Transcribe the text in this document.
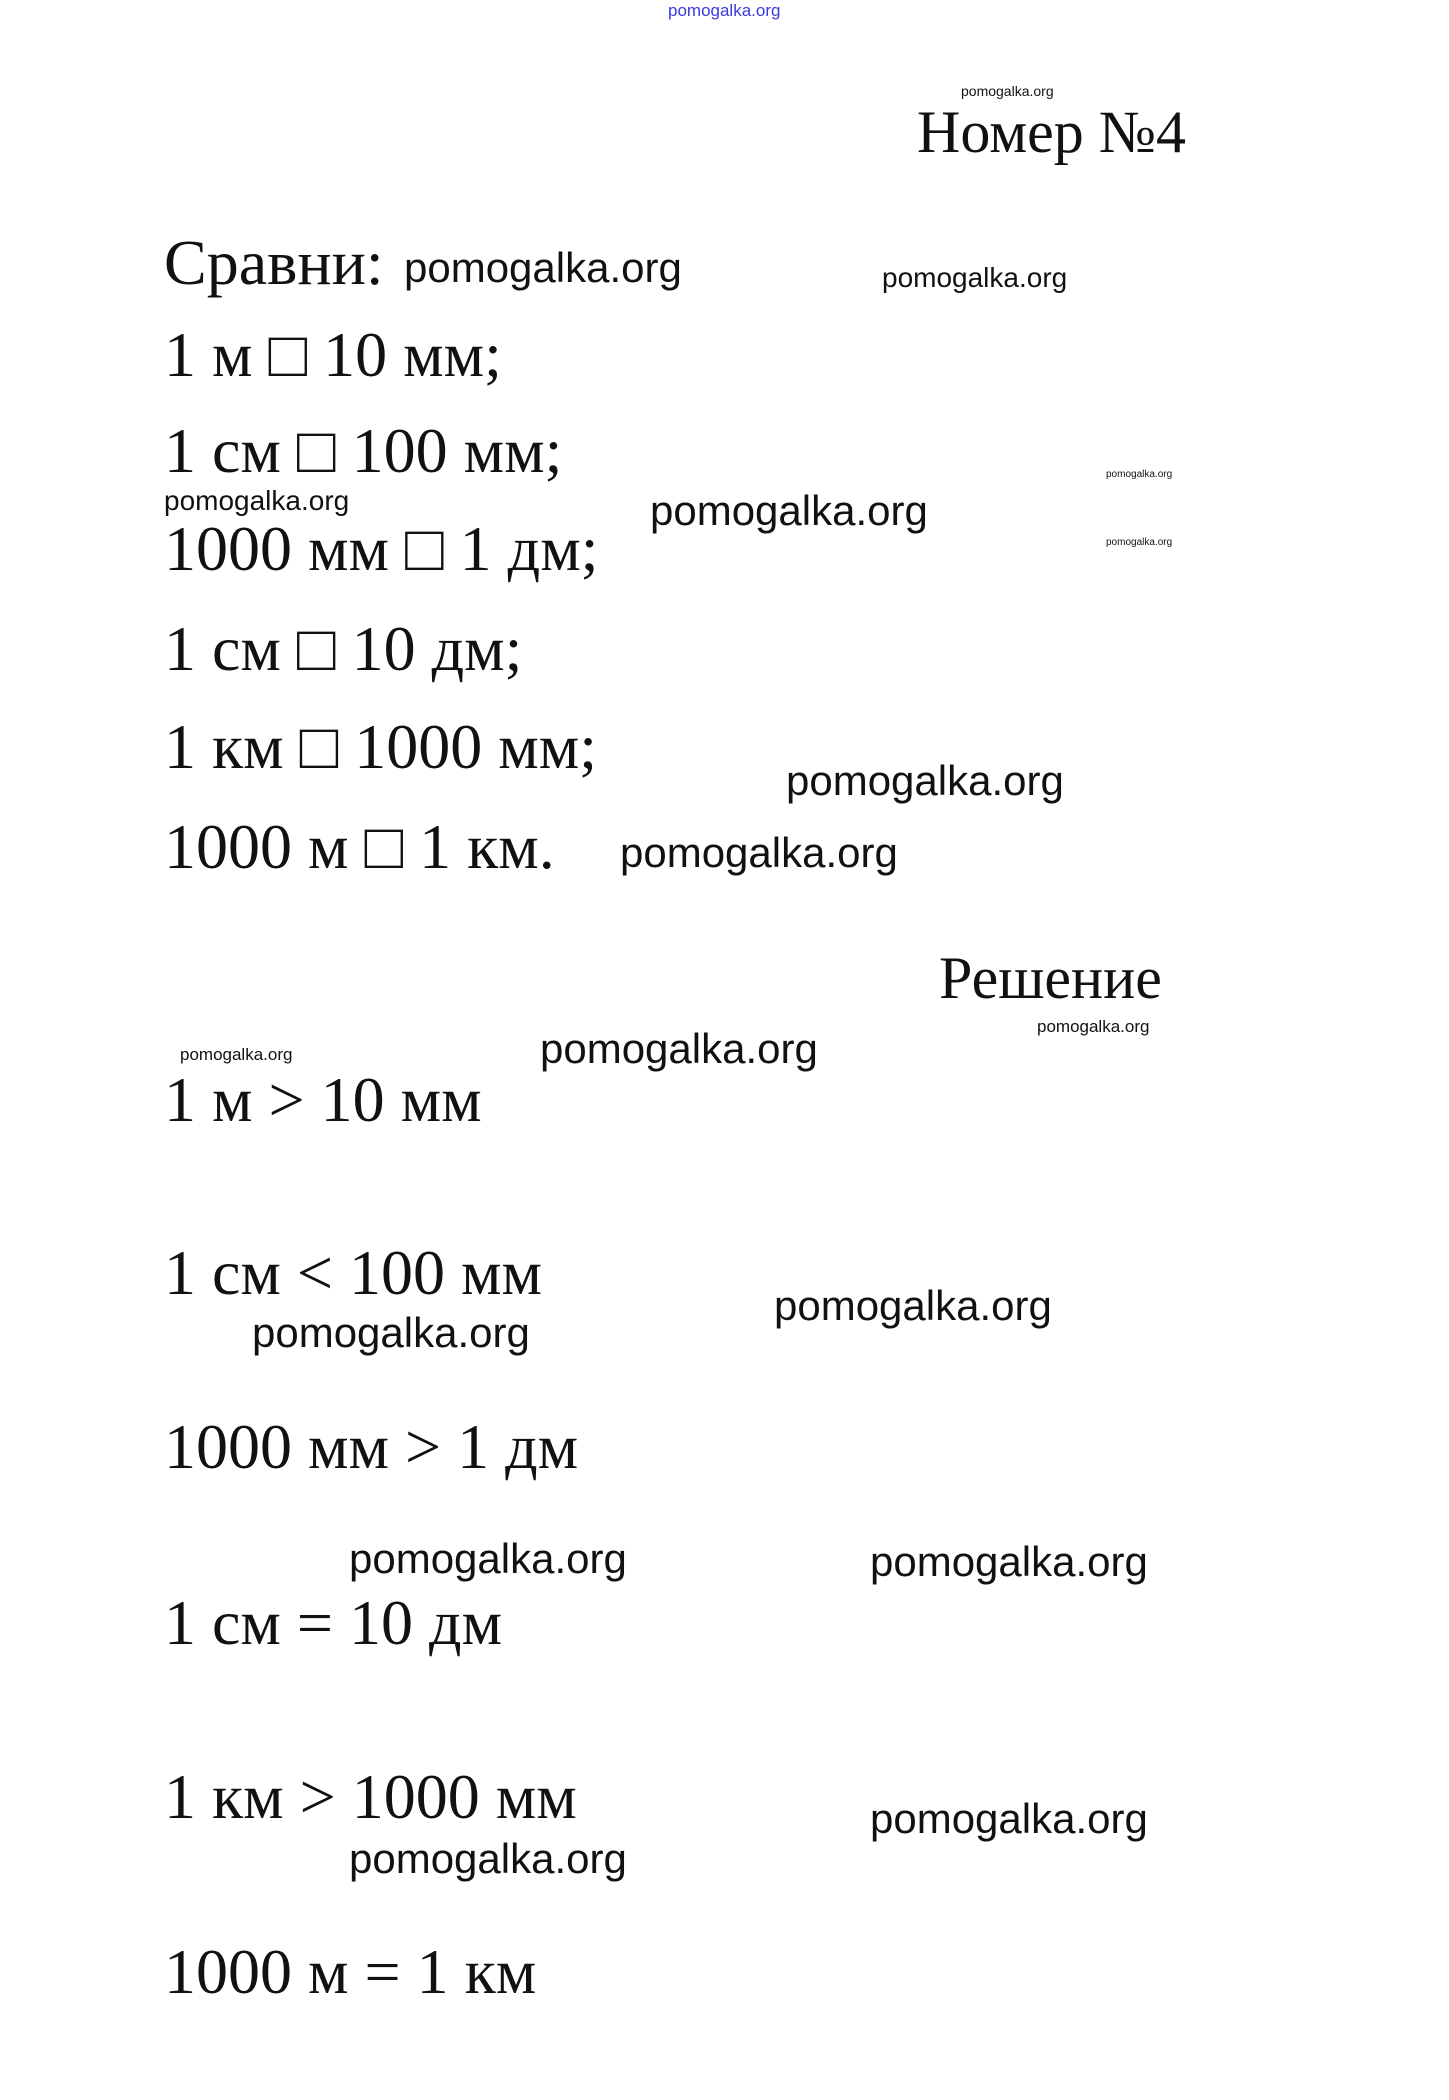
pomogalka.org
Номер №4
pomogalka.org
Сравни:
1 м □ 10 мм;
1 см □ 100 мм;
1000 мм □ 1 дм;
1 см □ 10 дм;
1 км □ 1000 мм;
1000 м □ 1 км.
Решение
1 м > 10 мм
1 см < 100 мм
1000 мм > 1 дм
1 см = 10 дм
1 км > 1000 мм
1000 м = 1 км
pomogalka.org	pomogalka.org
pomogalka.org
pomogalka.org	pomogalka.org
pomogalka.org
pomogalka.org
pomogalka.org
pomogalka.org
pomogalka.org	pomogalka.org
pomogalka.org
pomogalka.org
pomogalka.org	pomogalka.org
pomogalka.org
pomogalka.org
